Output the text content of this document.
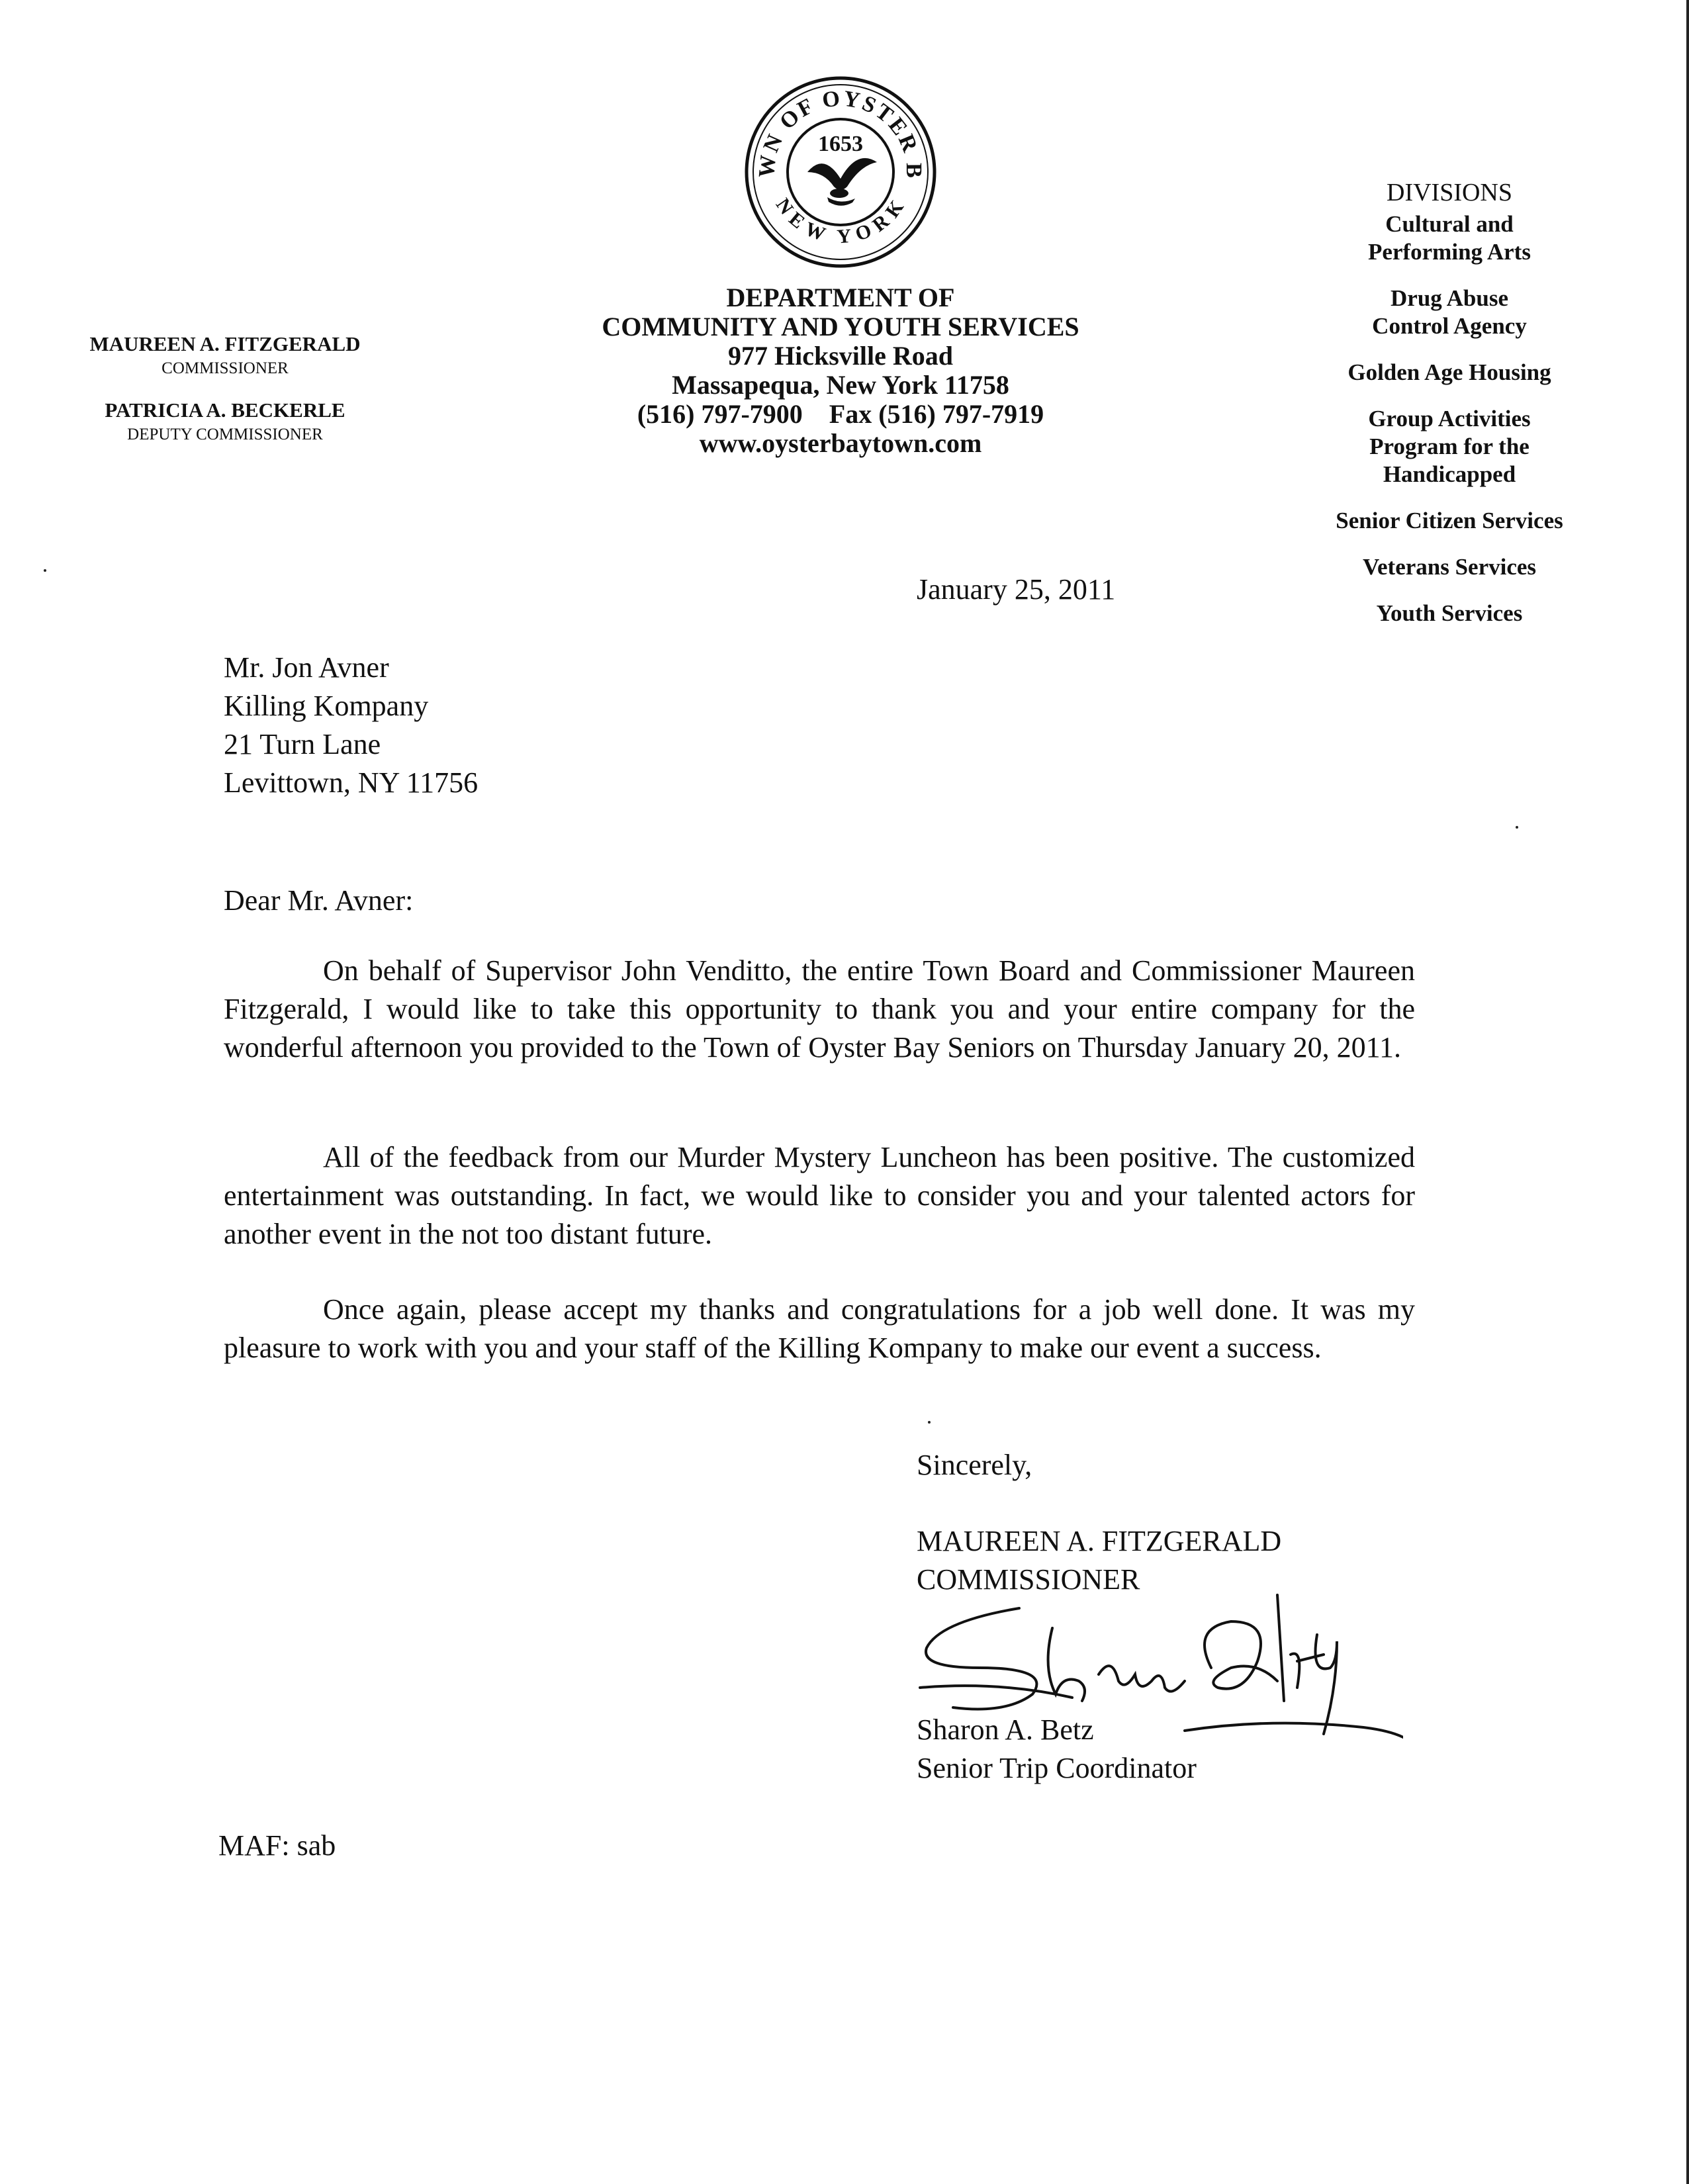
WN OF OYSTER B
NEW YORK
1653
MAUREEN A. FITZGERALD
COMMISSIONER
PATRICIA A. BECKERLE
DEPUTY COMMISSIONER
DEPARTMENT OF
COMMUNITY AND YOUTH SERVICES
977 Hicksville Road
Massapequa, New York 11758
(516) 797-7900    Fax (516) 797-7919
www.oysterbaytown.com
DIVISIONS
Cultural and
Performing Arts
Drug Abuse
Control Agency
Golden Age Housing
Group Activities
Program for the
Handicapped
Senior Citizen Services
Veterans Services
Youth Services
January 25, 2011
Mr. Jon Avner
Killing Kompany
21 Turn Lane
Levittown, NY 11756
Dear Mr. Avner:

On behalf of Supervisor John Venditto, the entire Town Board and Commissioner Maureen Fitzgerald, I would like to take this opportunity to thank you and your entire company for the wonderful afternoon you provided to the Town of Oyster Bay Seniors on Thursday January 20, 2011.

All of the feedback from our Murder Mystery Luncheon has been positive. The customized entertainment was outstanding. In fact, we would like to consider you and your talented actors for another event in the not too distant future.

Once again, please accept my thanks and congratulations for a job well done. It was my pleasure to work with you and your staff of the Killing Kompany to make our event a success.

Sincerely,
MAUREEN A. FITZGERALD
COMMISSIONER
Sharon A. Betz
Senior Trip Coordinator
MAF: sab
